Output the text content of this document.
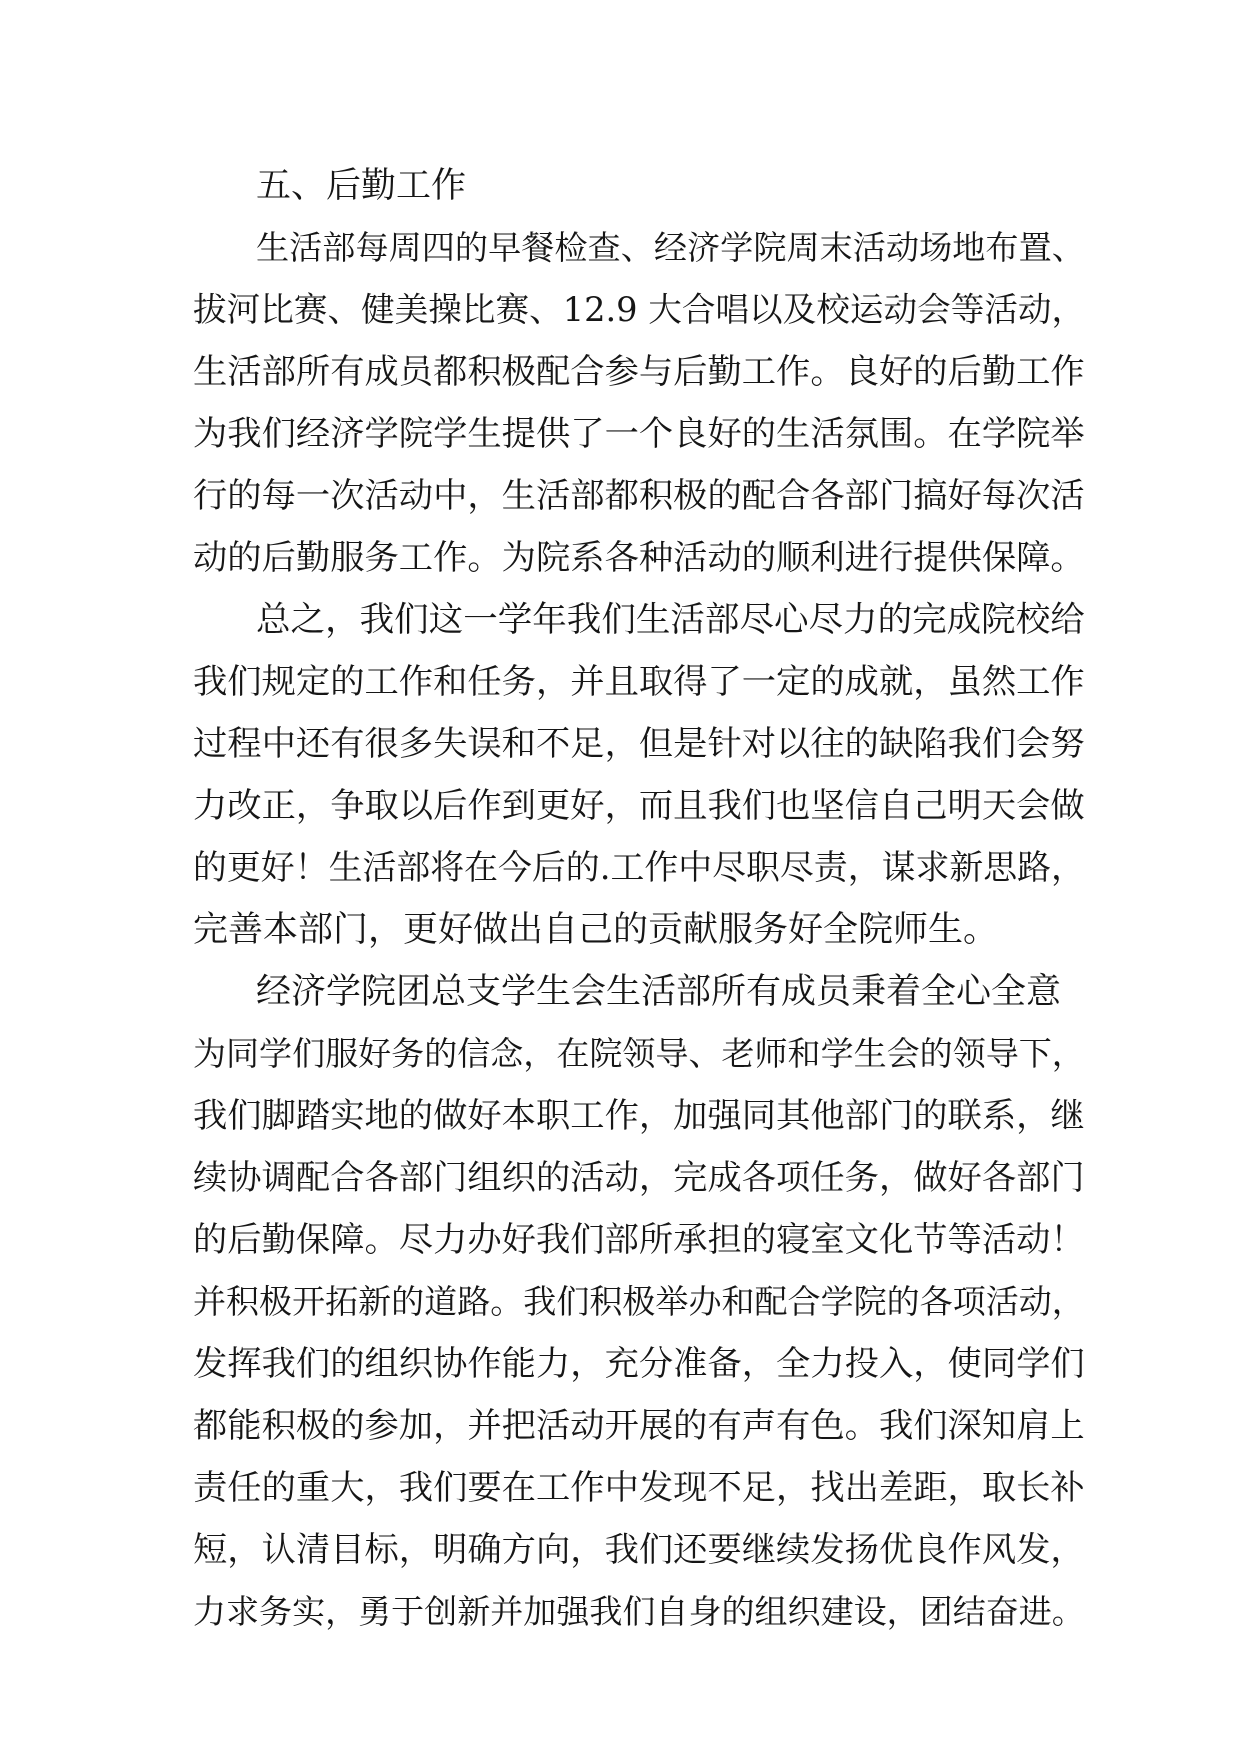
五、后勤工作

生活部每周四的早餐检查、经济学院周末活动场地布置、

拔河比赛、健美操比赛、12.9 大合唱以及校运动会等活动，

生活部所有成员都积极配合参与后勤工作。良好的后勤工作

为我们经济学院学生提供了一个良好的生活氛围。在学院举

行的每一次活动中，生活部都积极的配合各部门搞好每次活

动的后勤服务工作。为院系各种活动的顺利进行提供保障。

总之，我们这一学年我们生活部尽心尽力的完成院校给

我们规定的工作和任务，并且取得了一定的成就，虽然工作

过程中还有很多失误和不足，但是针对以往的缺陷我们会努

力改正，争取以后作到更好，而且我们也坚信自己明天会做

的更好！生活部将在今后的.工作中尽职尽责，谋求新思路，

完善本部门，更好做出自己的贡献服务好全院师生。

经济学院团总支学生会生活部所有成员秉着全心全意

为同学们服好务的信念，在院领导、老师和学生会的领导下，

我们脚踏实地的做好本职工作，加强同其他部门的联系，继

续协调配合各部门组织的活动，完成各项任务，做好各部门

的后勤保障。尽力办好我们部所承担的寝室文化节等活动！

并积极开拓新的道路。我们积极举办和配合学院的各项活动，

发挥我们的组织协作能力，充分准备，全力投入，使同学们

都能积极的参加，并把活动开展的有声有色。我们深知肩上

责任的重大，我们要在工作中发现不足，找出差距，取长补

短，认清目标，明确方向，我们还要继续发扬优良作风发，

力求务实，勇于创新并加强我们自身的组织建设，团结奋进。
